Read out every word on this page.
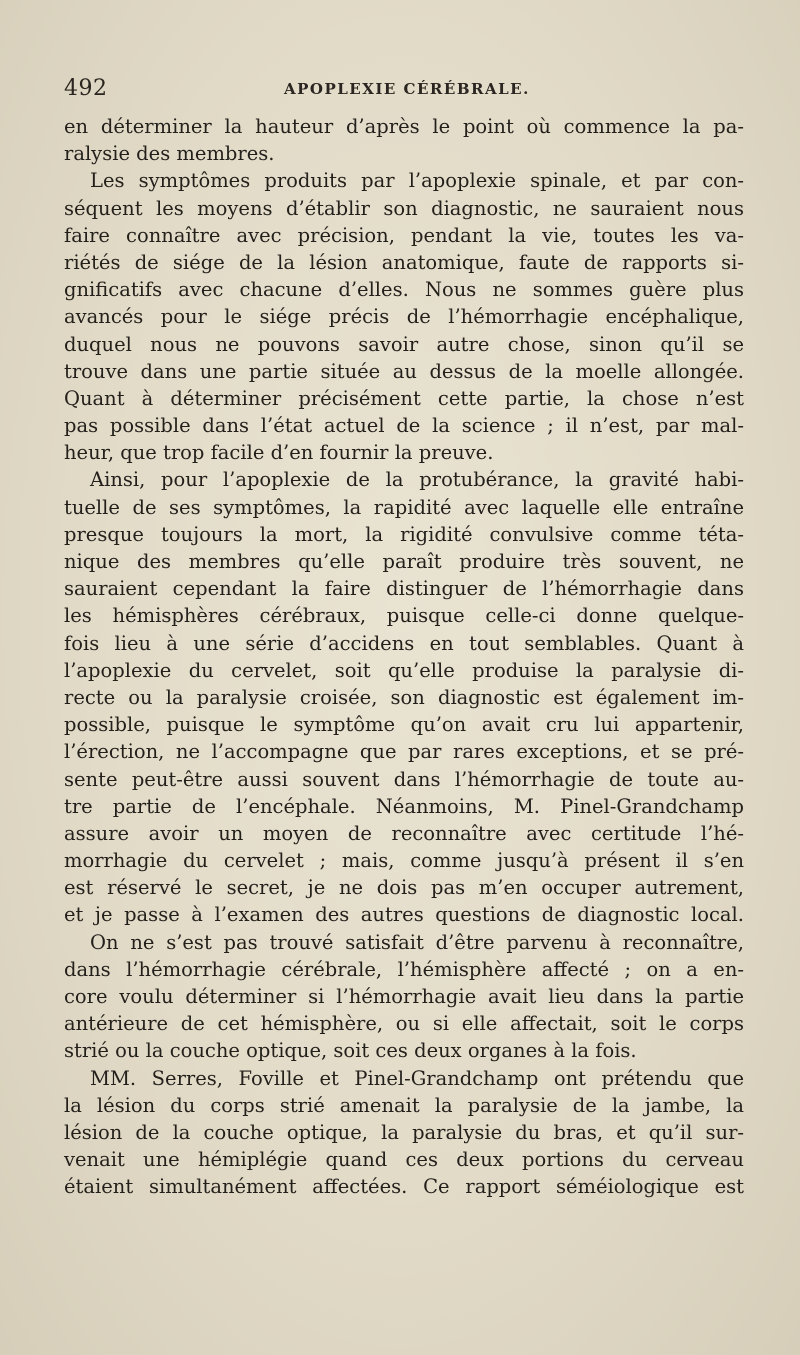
492	APOPLEXIE CÉRÉBRALE.
en déterminer la hauteur d’après le point où commence la pa-
ralysie des membres.
Les symptômes produits par l’apoplexie spinale, et par con-
séquent les moyens d’établir son diagnostic, ne sauraient nous
faire connaître avec précision, pendant la vie, toutes les va-
riétés de siége de la lésion anatomique, faute de rapports si-
gnificatifs avec chacune d’elles. Nous ne sommes guère plus
avancés pour le siége précis de l’hémorrhagie encéphalique,
duquel nous ne pouvons savoir autre chose, sinon qu’il se
trouve dans une partie située au dessus de la moelle allongée.
Quant à déterminer précisément cette partie, la chose n’est
pas possible dans l’état actuel de la science ; il n’est, par mal-
heur, que trop facile d’en fournir la preuve.
Ainsi, pour l’apoplexie de la protubérance, la gravité habi-
tuelle de ses symptômes, la rapidité avec laquelle elle entraîne
presque toujours la mort, la rigidité convulsive comme téta-
nique des membres qu’elle paraît produire très souvent, ne
sauraient cependant la faire distinguer de l’hémorrhagie dans
les hémisphères cérébraux, puisque celle-ci donne quelque-
fois lieu à une série d’accidens en tout semblables. Quant à
l’apoplexie du cervelet, soit qu’elle produise la paralysie di-
recte ou la paralysie croisée, son diagnostic est également im-
possible, puisque le symptôme qu’on avait cru lui appartenir,
l’érection, ne l’accompagne que par rares exceptions, et se pré-
sente peut-être aussi souvent dans l’hémorrhagie de toute au-
tre partie de l’encéphale. Néanmoins, M. Pinel-Grandchamp
assure avoir un moyen de reconnaître avec certitude l’hé-
morrhagie du cervelet ; mais, comme jusqu’à présent il s’en
est réservé le secret, je ne dois pas m’en occuper autrement,
et je passe à l’examen des autres questions de diagnostic local.
On ne s’est pas trouvé satisfait d’être parvenu à reconnaître,
dans l’hémorrhagie cérébrale, l’hémisphère affecté ; on a en-
core voulu déterminer si l’hémorrhagie avait lieu dans la partie
antérieure de cet hémisphère, ou si elle affectait, soit le corps
strié ou la couche optique, soit ces deux organes à la fois.
MM. Serres, Foville et Pinel-Grandchamp ont prétendu que
la lésion du corps strié amenait la paralysie de la jambe, la
lésion de la couche optique, la paralysie du bras, et qu’il sur-
venait une hémiplégie quand ces deux portions du cerveau
étaient simultanément affectées. Ce rapport séméiologique est
